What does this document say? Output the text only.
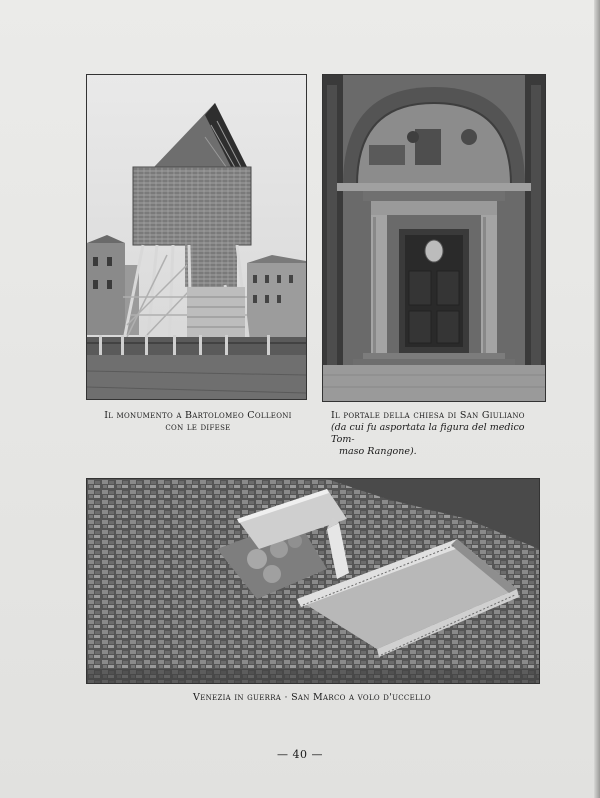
Il monumento a Bartolomeo Colleoni
con le difese
Il portale della chiesa di San Giuliano
(da cui fu asportata la figura del medico Tom-
maso Rangone).
Venezia in guerra · San Marco a volo d'uccello
— 40 —
